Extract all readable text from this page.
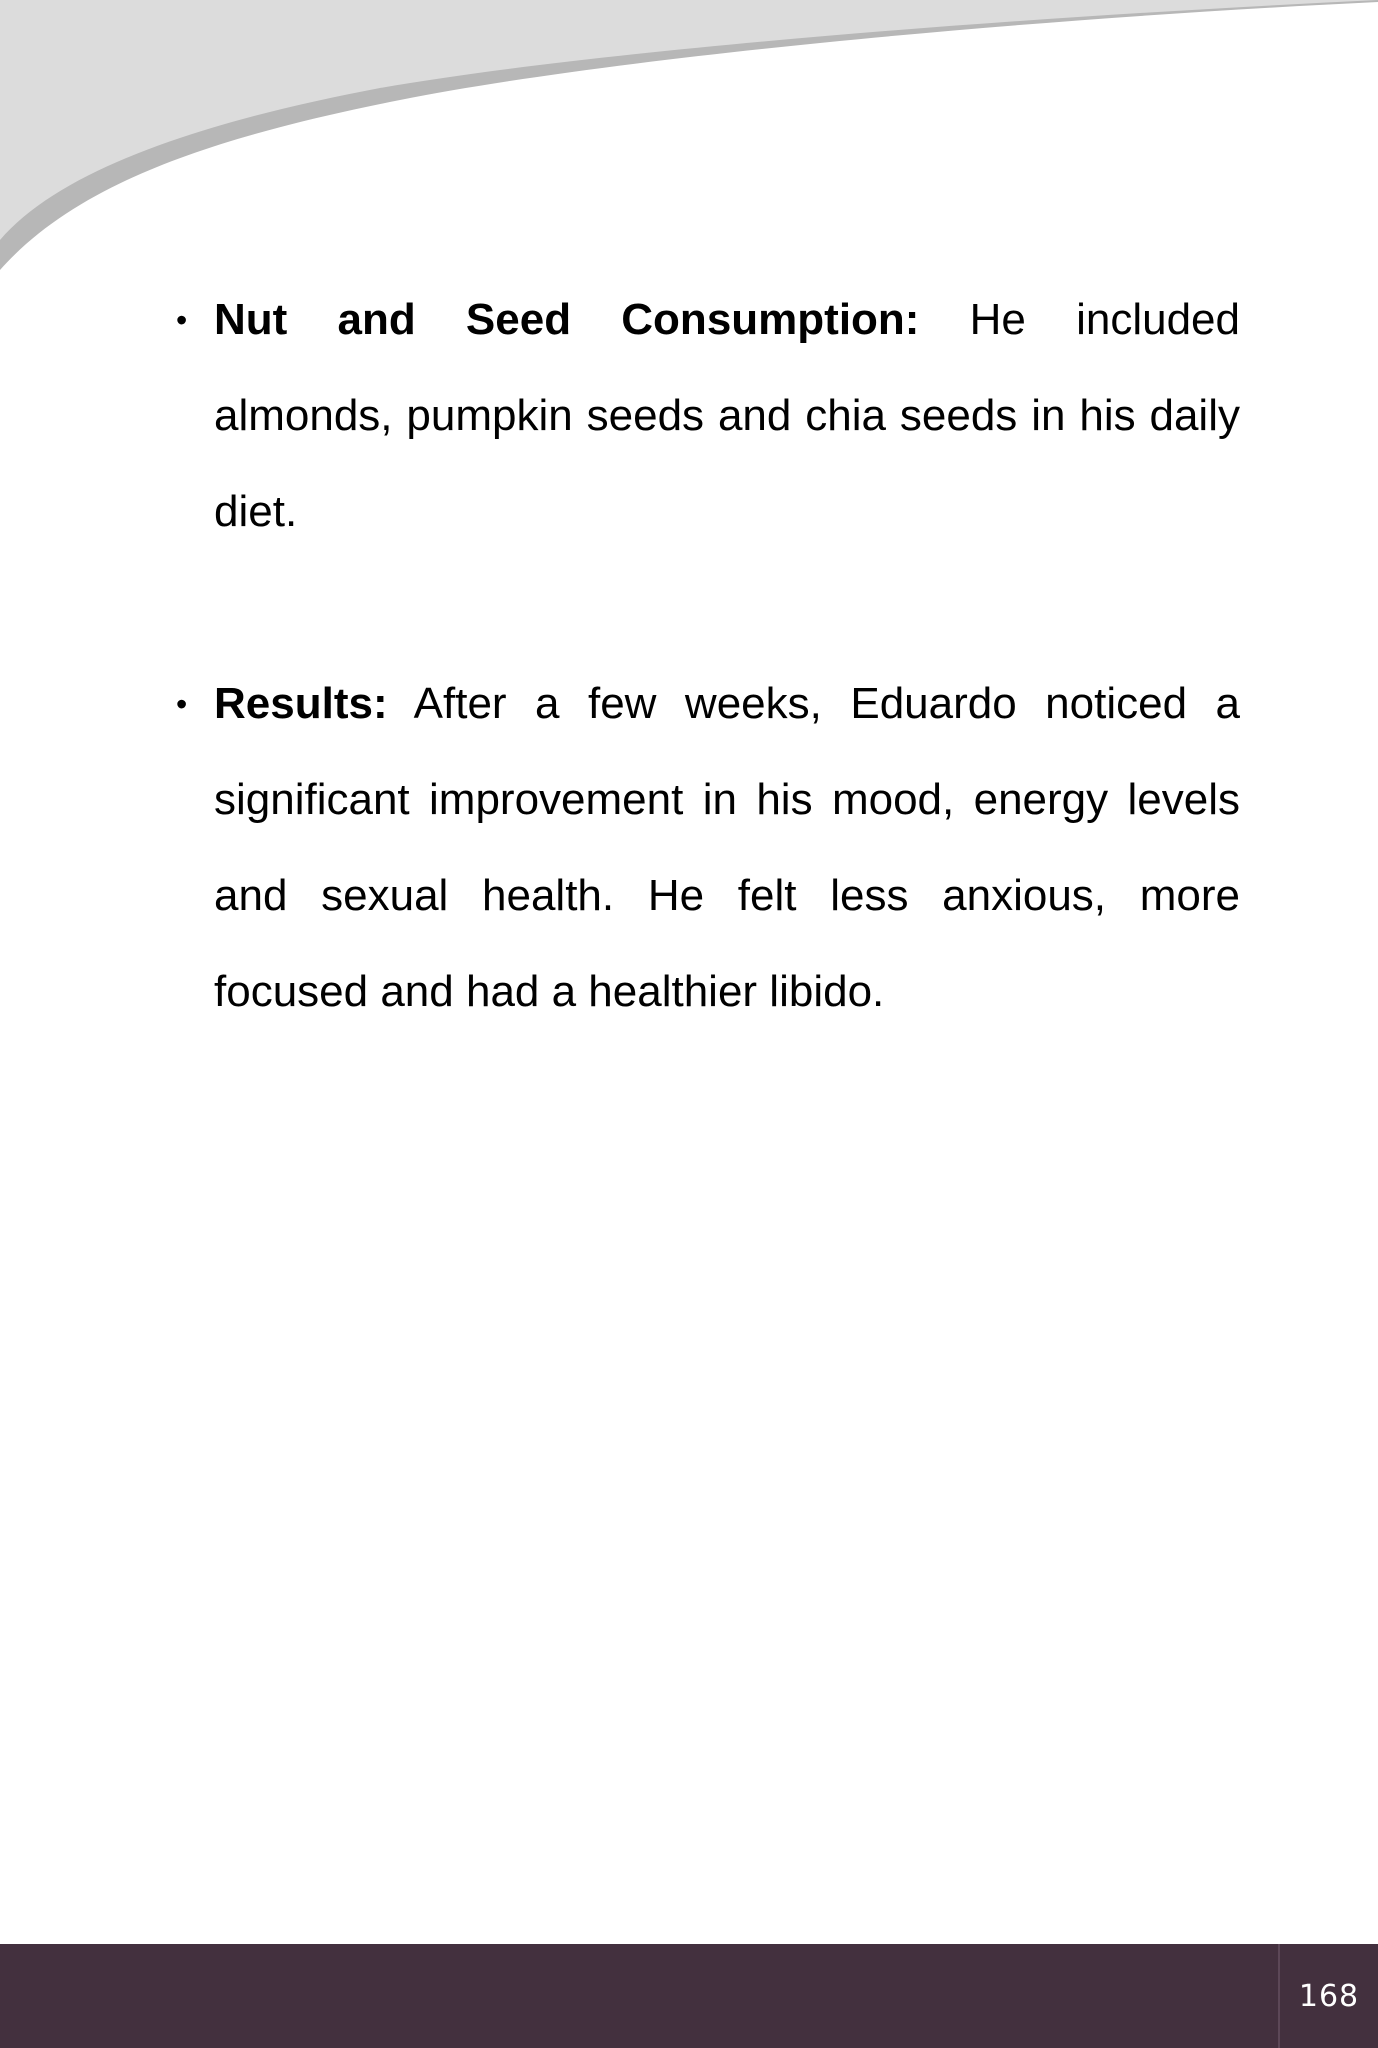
• Nut and Seed Consumption: He included almonds, pumpkin seeds and chia seeds in his daily diet.

• Results: After a few weeks, Eduardo noticed a significant improvement in his mood, energy levels and sexual health. He felt less anxious, more focused and had a healthier libido.

168
